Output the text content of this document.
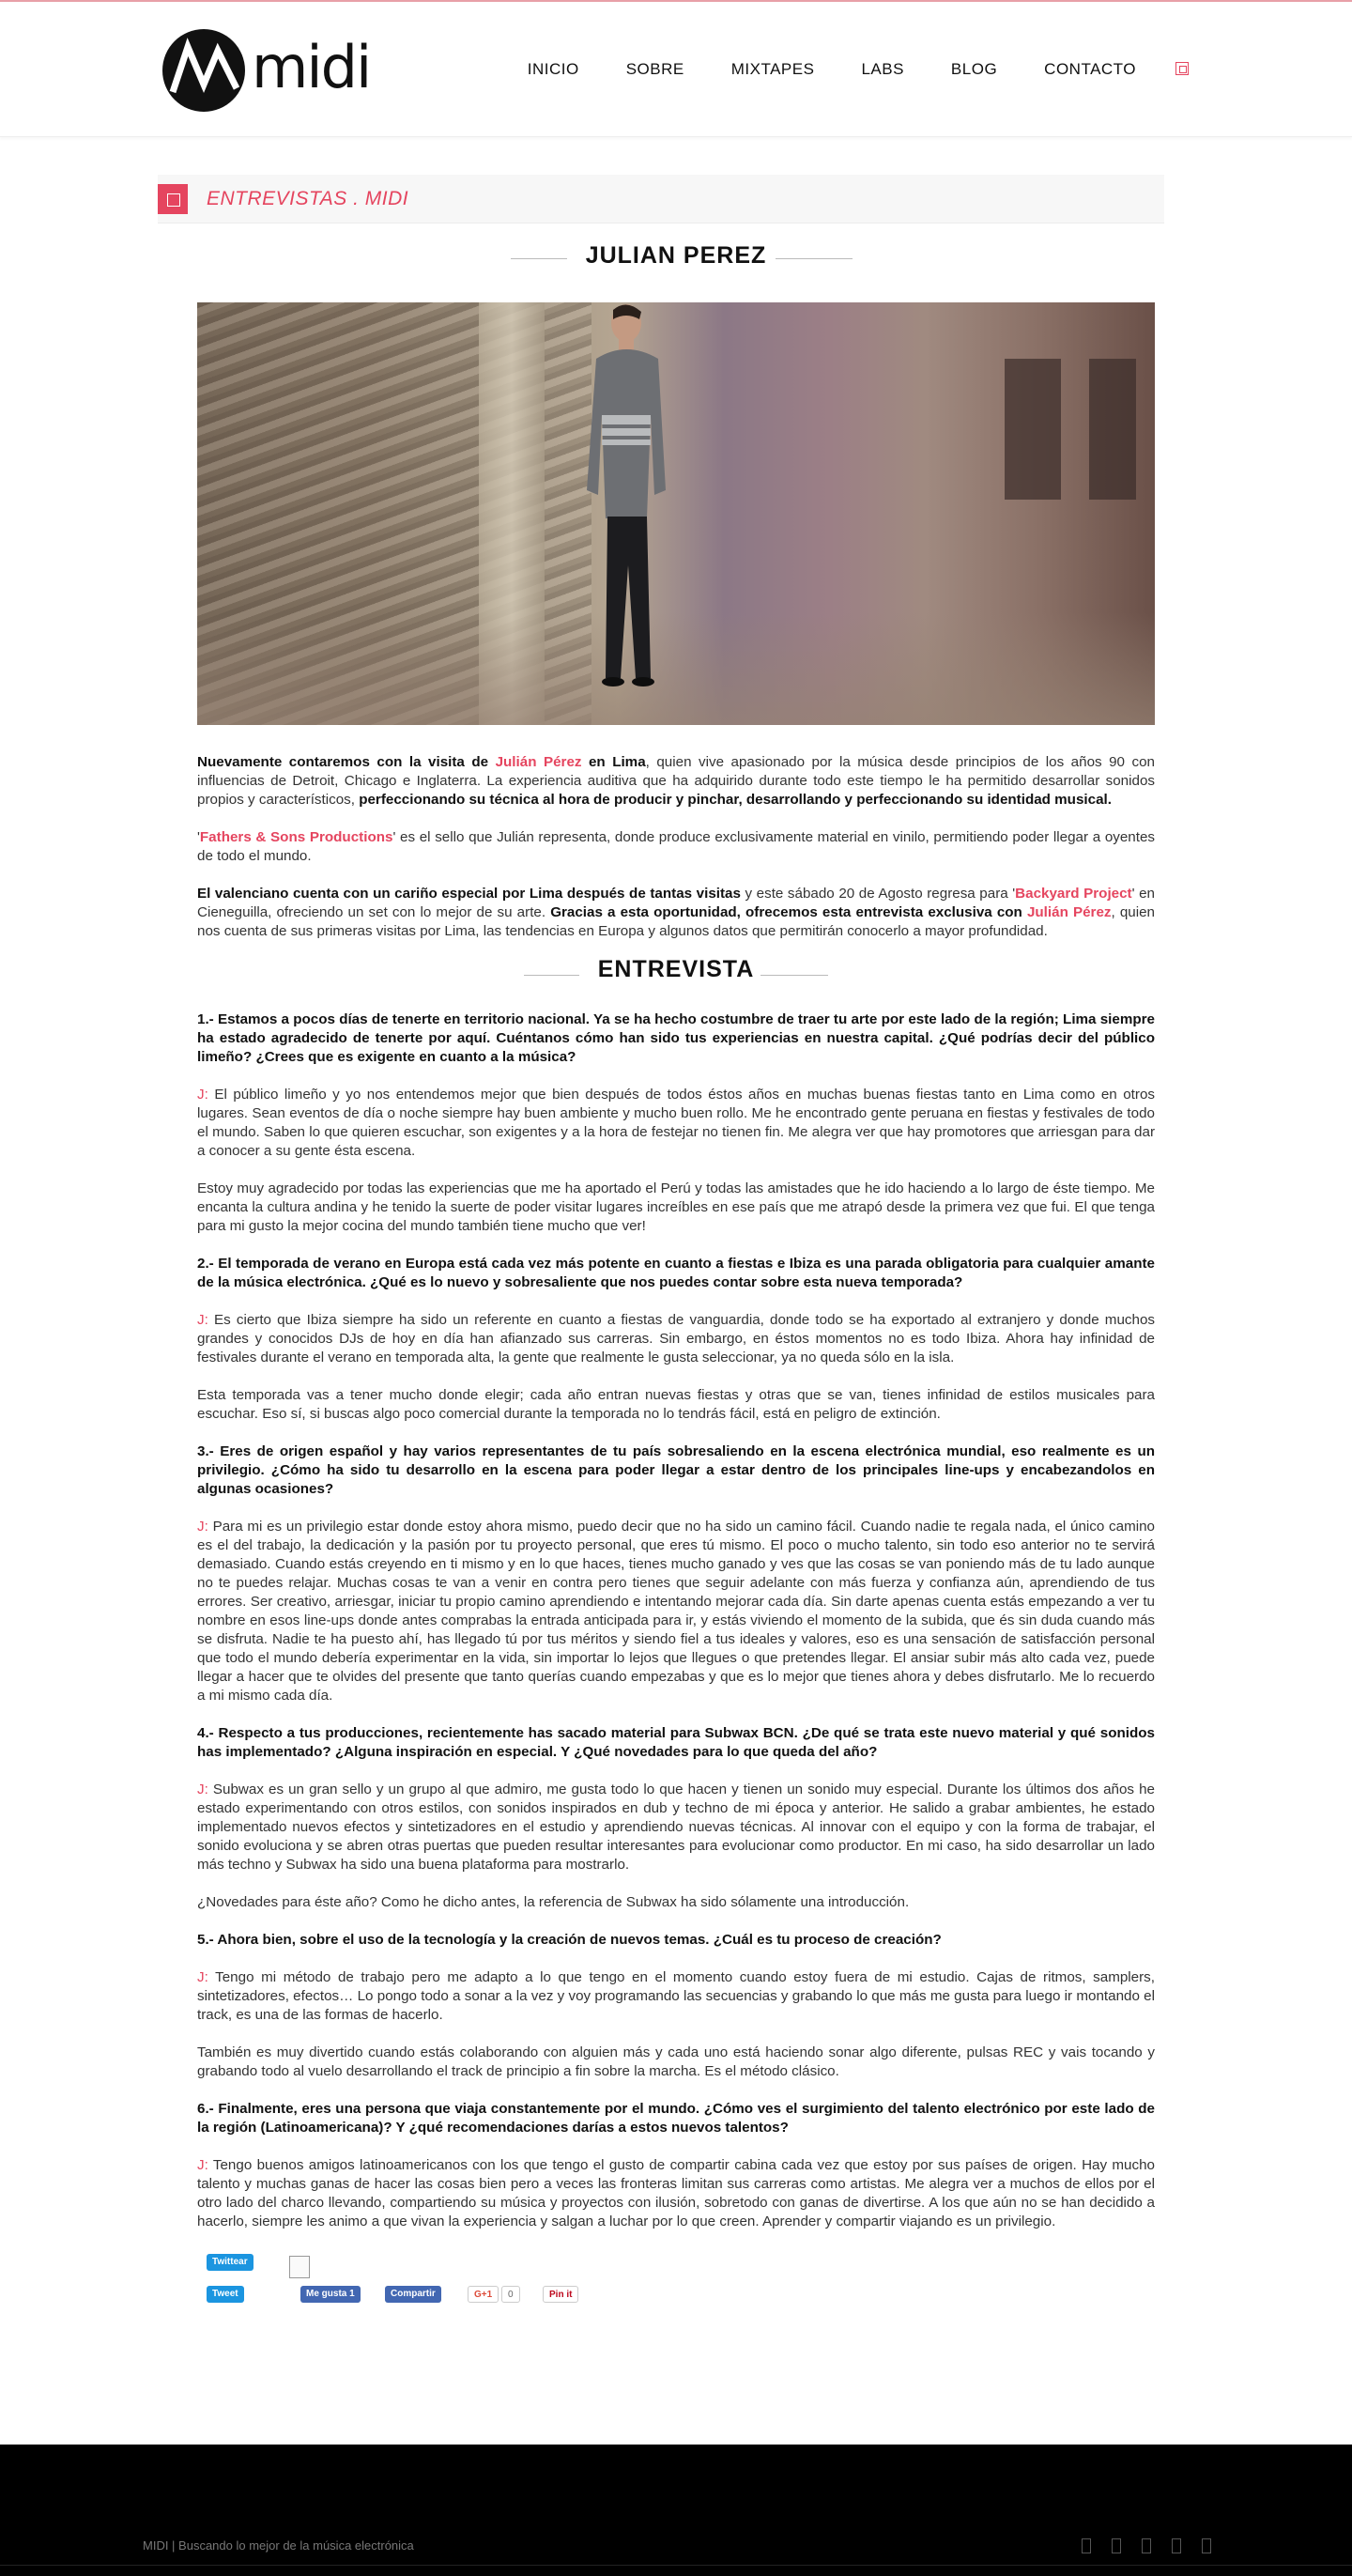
midi	INICIO	SOBRE	MIXTAPES	LABS	BLOG	CONTACTO
ENTREVISTAS . MIDI
JULIAN PEREZ

Nuevamente contaremos con la visita de Julián Pérez en Lima, quien vive apasionado por la música desde principios de los años 90 con influencias de Detroit, Chicago e Inglaterra. La experiencia auditiva que ha adquirido durante todo este tiempo le ha permitido desarrollar sonidos propios y característicos, perfeccionando su técnica al hora de producir y pinchar, desarrollando y perfeccionando su identidad musical.

'Fathers & Sons Productions' es el sello que Julián representa, donde produce exclusivamente material en vinilo, permitiendo poder llegar a oyentes de todo el mundo.

El valenciano cuenta con un cariño especial por Lima después de tantas visitas y este sábado 20 de Agosto regresa para 'Backyard Project' en Cieneguilla, ofreciendo un set con lo mejor de su arte. Gracias a esta oportunidad, ofrecemos esta entrevista exclusiva con Julián Pérez, quien nos cuenta de sus primeras visitas por Lima, las tendencias en Europa y algunos datos que permitirán conocerlo a mayor profundidad.

ENTREVISTA

1.- Estamos a pocos días de tenerte en territorio nacional. Ya se ha hecho costumbre de traer tu arte por este lado de la región; Lima siempre ha estado agradecido de tenerte por aquí. Cuéntanos cómo han sido tus experiencias en nuestra capital. ¿Qué podrías decir del público limeño? ¿Crees que es exigente en cuanto a la música?

J: El público limeño y yo nos entendemos mejor que bien después de todos éstos años en muchas buenas fiestas tanto en Lima como en otros lugares. Sean eventos de día o noche siempre hay buen ambiente y mucho buen rollo. Me he encontrado gente peruana en fiestas y festivales de todo el mundo. Saben lo que quieren escuchar, son exigentes y a la hora de festejar no tienen fin. Me alegra ver que hay promotores que arriesgan para dar a conocer a su gente ésta escena.

Estoy muy agradecido por todas las experiencias que me ha aportado el Perú y todas las amistades que he ido haciendo a lo largo de éste tiempo. Me encanta la cultura andina y he tenido la suerte de poder visitar lugares increíbles en ese país que me atrapó desde la primera vez que fui. El que tenga para mi gusto la mejor cocina del mundo también tiene mucho que ver!

2.- El temporada de verano en Europa está cada vez más potente en cuanto a fiestas e Ibiza es una parada obligatoria para cualquier amante de la música electrónica. ¿Qué es lo nuevo y sobresaliente que nos puedes contar sobre esta nueva temporada?

J: Es cierto que Ibiza siempre ha sido un referente en cuanto a fiestas de vanguardia, donde todo se ha exportado al extranjero y donde muchos grandes y conocidos DJs de hoy en día han afianzado sus carreras. Sin embargo, en éstos momentos no es todo Ibiza. Ahora hay infinidad de festivales durante el verano en temporada alta, la gente que realmente le gusta seleccionar, ya no queda sólo en la isla.

Esta temporada vas a tener mucho donde elegir; cada año entran nuevas fiestas y otras que se van, tienes infinidad de estilos musicales para escuchar. Eso sí, si buscas algo poco comercial durante la temporada no lo tendrás fácil, está en peligro de extinción.

3.- Eres de origen español y hay varios representantes de tu país sobresaliendo en la escena electrónica mundial, eso realmente es un privilegio. ¿Cómo ha sido tu desarrollo en la escena para poder llegar a estar dentro de los principales line-ups y encabezandolos en algunas ocasiones?

J: Para mi es un privilegio estar donde estoy ahora mismo, puedo decir que no ha sido un camino fácil. Cuando nadie te regala nada, el único camino es el del trabajo, la dedicación y la pasión por tu proyecto personal, que eres tú mismo. El poco o mucho talento, sin todo eso anterior no te servirá demasiado. Cuando estás creyendo en ti mismo y en lo que haces, tienes mucho ganado y ves que las cosas se van poniendo más de tu lado aunque no te puedes relajar. Muchas cosas te van a venir en contra pero tienes que seguir adelante con más fuerza y confianza aún, aprendiendo de tus errores. Ser creativo, arriesgar, iniciar tu propio camino aprendiendo e intentando mejorar cada día. Sin darte apenas cuenta estás empezando a ver tu nombre en esos line-ups donde antes comprabas la entrada anticipada para ir, y estás viviendo el momento de la subida, que és sin duda cuando más se disfruta. Nadie te ha puesto ahí, has llegado tú por tus méritos y siendo fiel a tus ideales y valores, eso es una sensación de satisfacción personal que todo el mundo debería experimentar en la vida, sin importar lo lejos que llegues o que pretendes llegar. El ansiar subir más alto cada vez, puede llegar a hacer que te olvides del presente que tanto querías cuando empezabas y que es lo mejor que tienes ahora y debes disfrutarlo. Me lo recuerdo a mi mismo cada día.

4.- Respecto a tus producciones, recientemente has sacado material para Subwax BCN. ¿De qué se trata este nuevo material y qué sonidos has implementado? ¿Alguna inspiración en especial. Y ¿Qué novedades para lo que queda del año?

J: Subwax es un gran sello y un grupo al que admiro, me gusta todo lo que hacen y tienen un sonido muy especial. Durante los últimos dos años he estado experimentando con otros estilos, con sonidos inspirados en dub y techno de mi época y anterior. He salido a grabar ambientes, he estado implementado nuevos efectos y sintetizadores en el estudio y aprendiendo nuevas técnicas. Al innovar con el equipo y con la forma de trabajar, el sonido evoluciona y se abren otras puertas que pueden resultar interesantes para evolucionar como productor. En mi caso, ha sido desarrollar un lado más techno y Subwax ha sido una buena plataforma para mostrarlo.

¿Novedades para éste año? Como he dicho antes, la referencia de Subwax ha sido sólamente una introducción.

5.- Ahora bien, sobre el uso de la tecnología y la creación de nuevos temas. ¿Cuál es tu proceso de creación?

J: Tengo mi método de trabajo pero me adapto a lo que tengo en el momento cuando estoy fuera de mi estudio. Cajas de ritmos, samplers, sintetizadores, efectos… Lo pongo todo a sonar a la vez y voy programando las secuencias y grabando lo que más me gusta para luego ir montando el track, es una de las formas de hacerlo.

También es muy divertido cuando estás colaborando con alguien más y cada uno está haciendo sonar algo diferente, pulsas REC y vais tocando y grabando todo al vuelo desarrollando el track de principio a fin sobre la marcha. Es el método clásico.

6.- Finalmente, eres una persona que viaja constantemente por el mundo. ¿Cómo ves el surgimiento del talento electrónico por este lado de la región (Latinoamericana)? Y ¿qué recomendaciones darías a estos nuevos talentos?

J: Tengo buenos amigos latinoamericanos con los que tengo el gusto de compartir cabina cada vez que estoy por sus países de origen. Hay mucho talento y muchas ganas de hacer las cosas bien pero a veces las fronteras limitan sus carreras como artistas. Me alegra ver a muchos de ellos por el otro lado del charco llevando, compartiendo su música y proyectos con ilusión, sobretodo con ganas de divertirse. A los que aún no se han decidido a hacerlo, siempre les animo a que vivan la experiencia y salgan a luchar por lo que creen. Aprender y compartir viajando es un privilegio.

Twittear
Tweet	Me gusta 1	Compartir	G+1	0	Pin it
MIDI | Buscando lo mejor de la música electrónica
